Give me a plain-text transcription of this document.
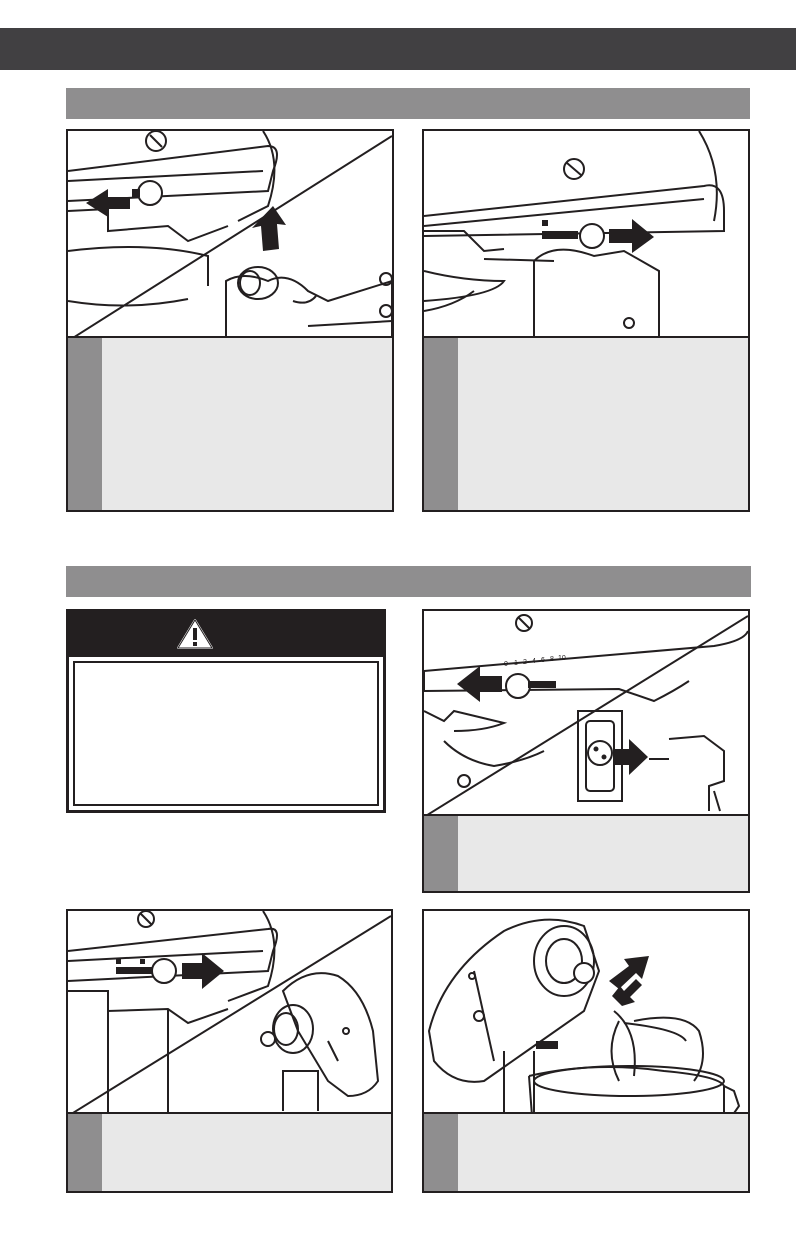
0 1 2 4 6 8 10
